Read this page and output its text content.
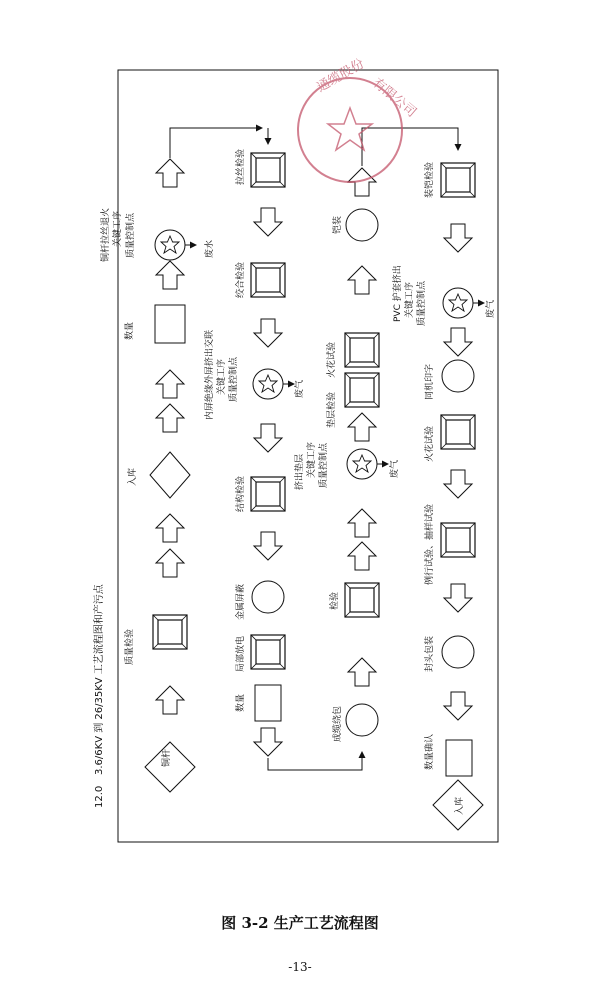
12.0
3.6/6KV 到 26/35KV 工艺流程图和产污点	铜杆
质量检验
入库
数量
铜杆拉丝退火 关键工序 质量控制点	废水
拉丝检验
绞合检验
内屏绝缘外屏挤出交联 关键工序 质量控制点	废气
结构检验
金属屏蔽
局部放电
数量
成缆绕包
检验
挤出垫层 关键工序 质量控制点	废气
垫层检验
火花试验
铠装
装铠检验
PVC 护套挤出 关键工序 质量控制点	废气
同机印字
火花试验
例行试验、抽样试验
封头包装
数量确认
入库
通缆股份 有限公司
图 3-2 生产工艺流程图
-13-
